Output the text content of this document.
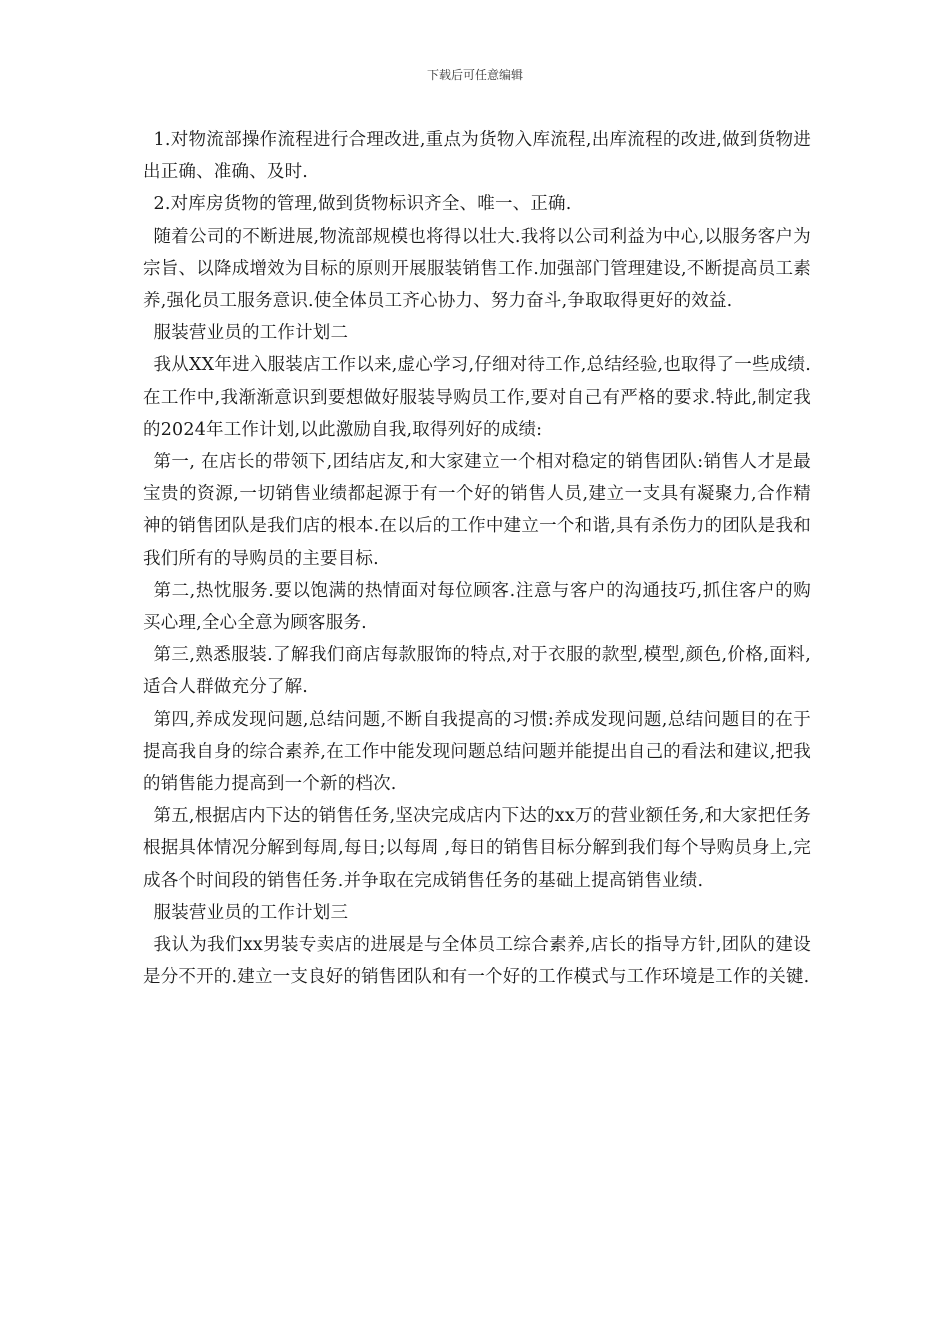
下载后可任意编辑

1.对物流部操作流程进行合理改进,重点为货物入库流程,出库流程的改进,做到货物进出正确、准确、及时.

2.对库房货物的管理,做到货物标识齐全、唯一、正确.

随着公司的不断进展,物流部规模也将得以壮大.我将以公司利益为中心,以服务客户为宗旨、以降成增效为目标的原则开展服装销售工作.加强部门管理建设,不断提高员工素养,强化员工服务意识.使全体员工齐心协力、努力奋斗,争取取得更好的效益.

服装营业员的工作计划二

我从XX年进入服装店工作以来,虚心学习,仔细对待工作,总结经验,也取得了一些成绩.在工作中,我渐渐意识到要想做好服装导购员工作,要对自己有严格的要求.特此,制定我的2024年工作计划,以此激励自我,取得列好的成绩:

第一, 在店长的带领下,团结店友,和大家建立一个相对稳定的销售团队:销售人才是最宝贵的资源,一切销售业绩都起源于有一个好的销售人员,建立一支具有凝聚力,合作精神的销售团队是我们店的根本.在以后的工作中建立一个和谐,具有杀伤力的团队是我和我们所有的导购员的主要目标.

第二,热忱服务.要以饱满的热情面对每位顾客.注意与客户的沟通技巧,抓住客户的购买心理,全心全意为顾客服务.

第三,熟悉服装.了解我们商店每款服饰的特点,对于衣服的款型,模型,颜色,价格,面料,适合人群做充分了解.

第四,养成发现问题,总结问题,不断自我提高的习惯:养成发现问题,总结问题目的在于提高我自身的综合素养,在工作中能发现问题总结问题并能提出自己的看法和建议,把我的销售能力提高到一个新的档次.

第五,根据店内下达的销售任务,坚决完成店内下达的xx万的营业额任务,和大家把任务根据具体情况分解到每周,每日;以每周 ,每日的销售目标分解到我们每个导购员身上,完成各个时间段的销售任务.并争取在完成销售任务的基础上提高销售业绩.

服装营业员的工作计划三

我认为我们xx男装专卖店的进展是与全体员工综合素养,店长的指导方针,团队的建设是分不开的.建立一支良好的销售团队和有一个好的工作模式与工作环境是工作的关键.
